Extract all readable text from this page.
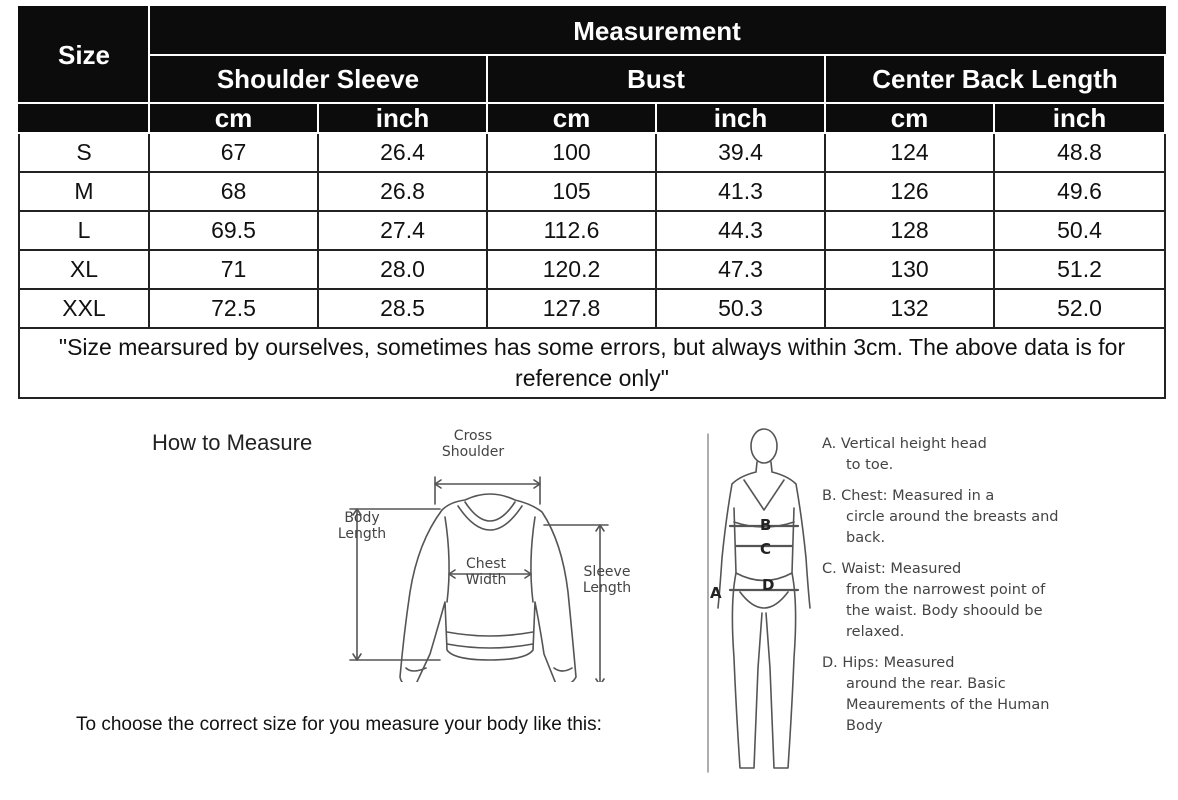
Size	Measurement					
	Shoulder Sleeve		Bust		Center Back Length	
	cm	inch	cm	inch	cm	inch
S	67	26.4	100	39.4	124	48.8
M	68	26.8	105	41.3	126	49.6
L	69.5	27.4	112.6	44.3	128	50.4
XL	71	28.0	120.2	47.3	130	51.2
XXL	72.5	28.5	127.8	50.3	132	52.0
"Size mearsured by ourselves, sometimes has some errors, but always within 3cm. The above data is for reference only"						
How to Measure	Cross
Shoulder
Body
Length
Chest
Width	Sleeve
Length
To choose the correct size for you measure your body like this:
B
C
D
A
A. Vertical height head
to toe.
B. Chest: Measured in a
circle around the breasts and back.
C. Waist: Measured
from the narrowest point of the waist. Body shoould be relaxed.
D. Hips: Measured
around the rear. Basic Meaurements of the Human Body
